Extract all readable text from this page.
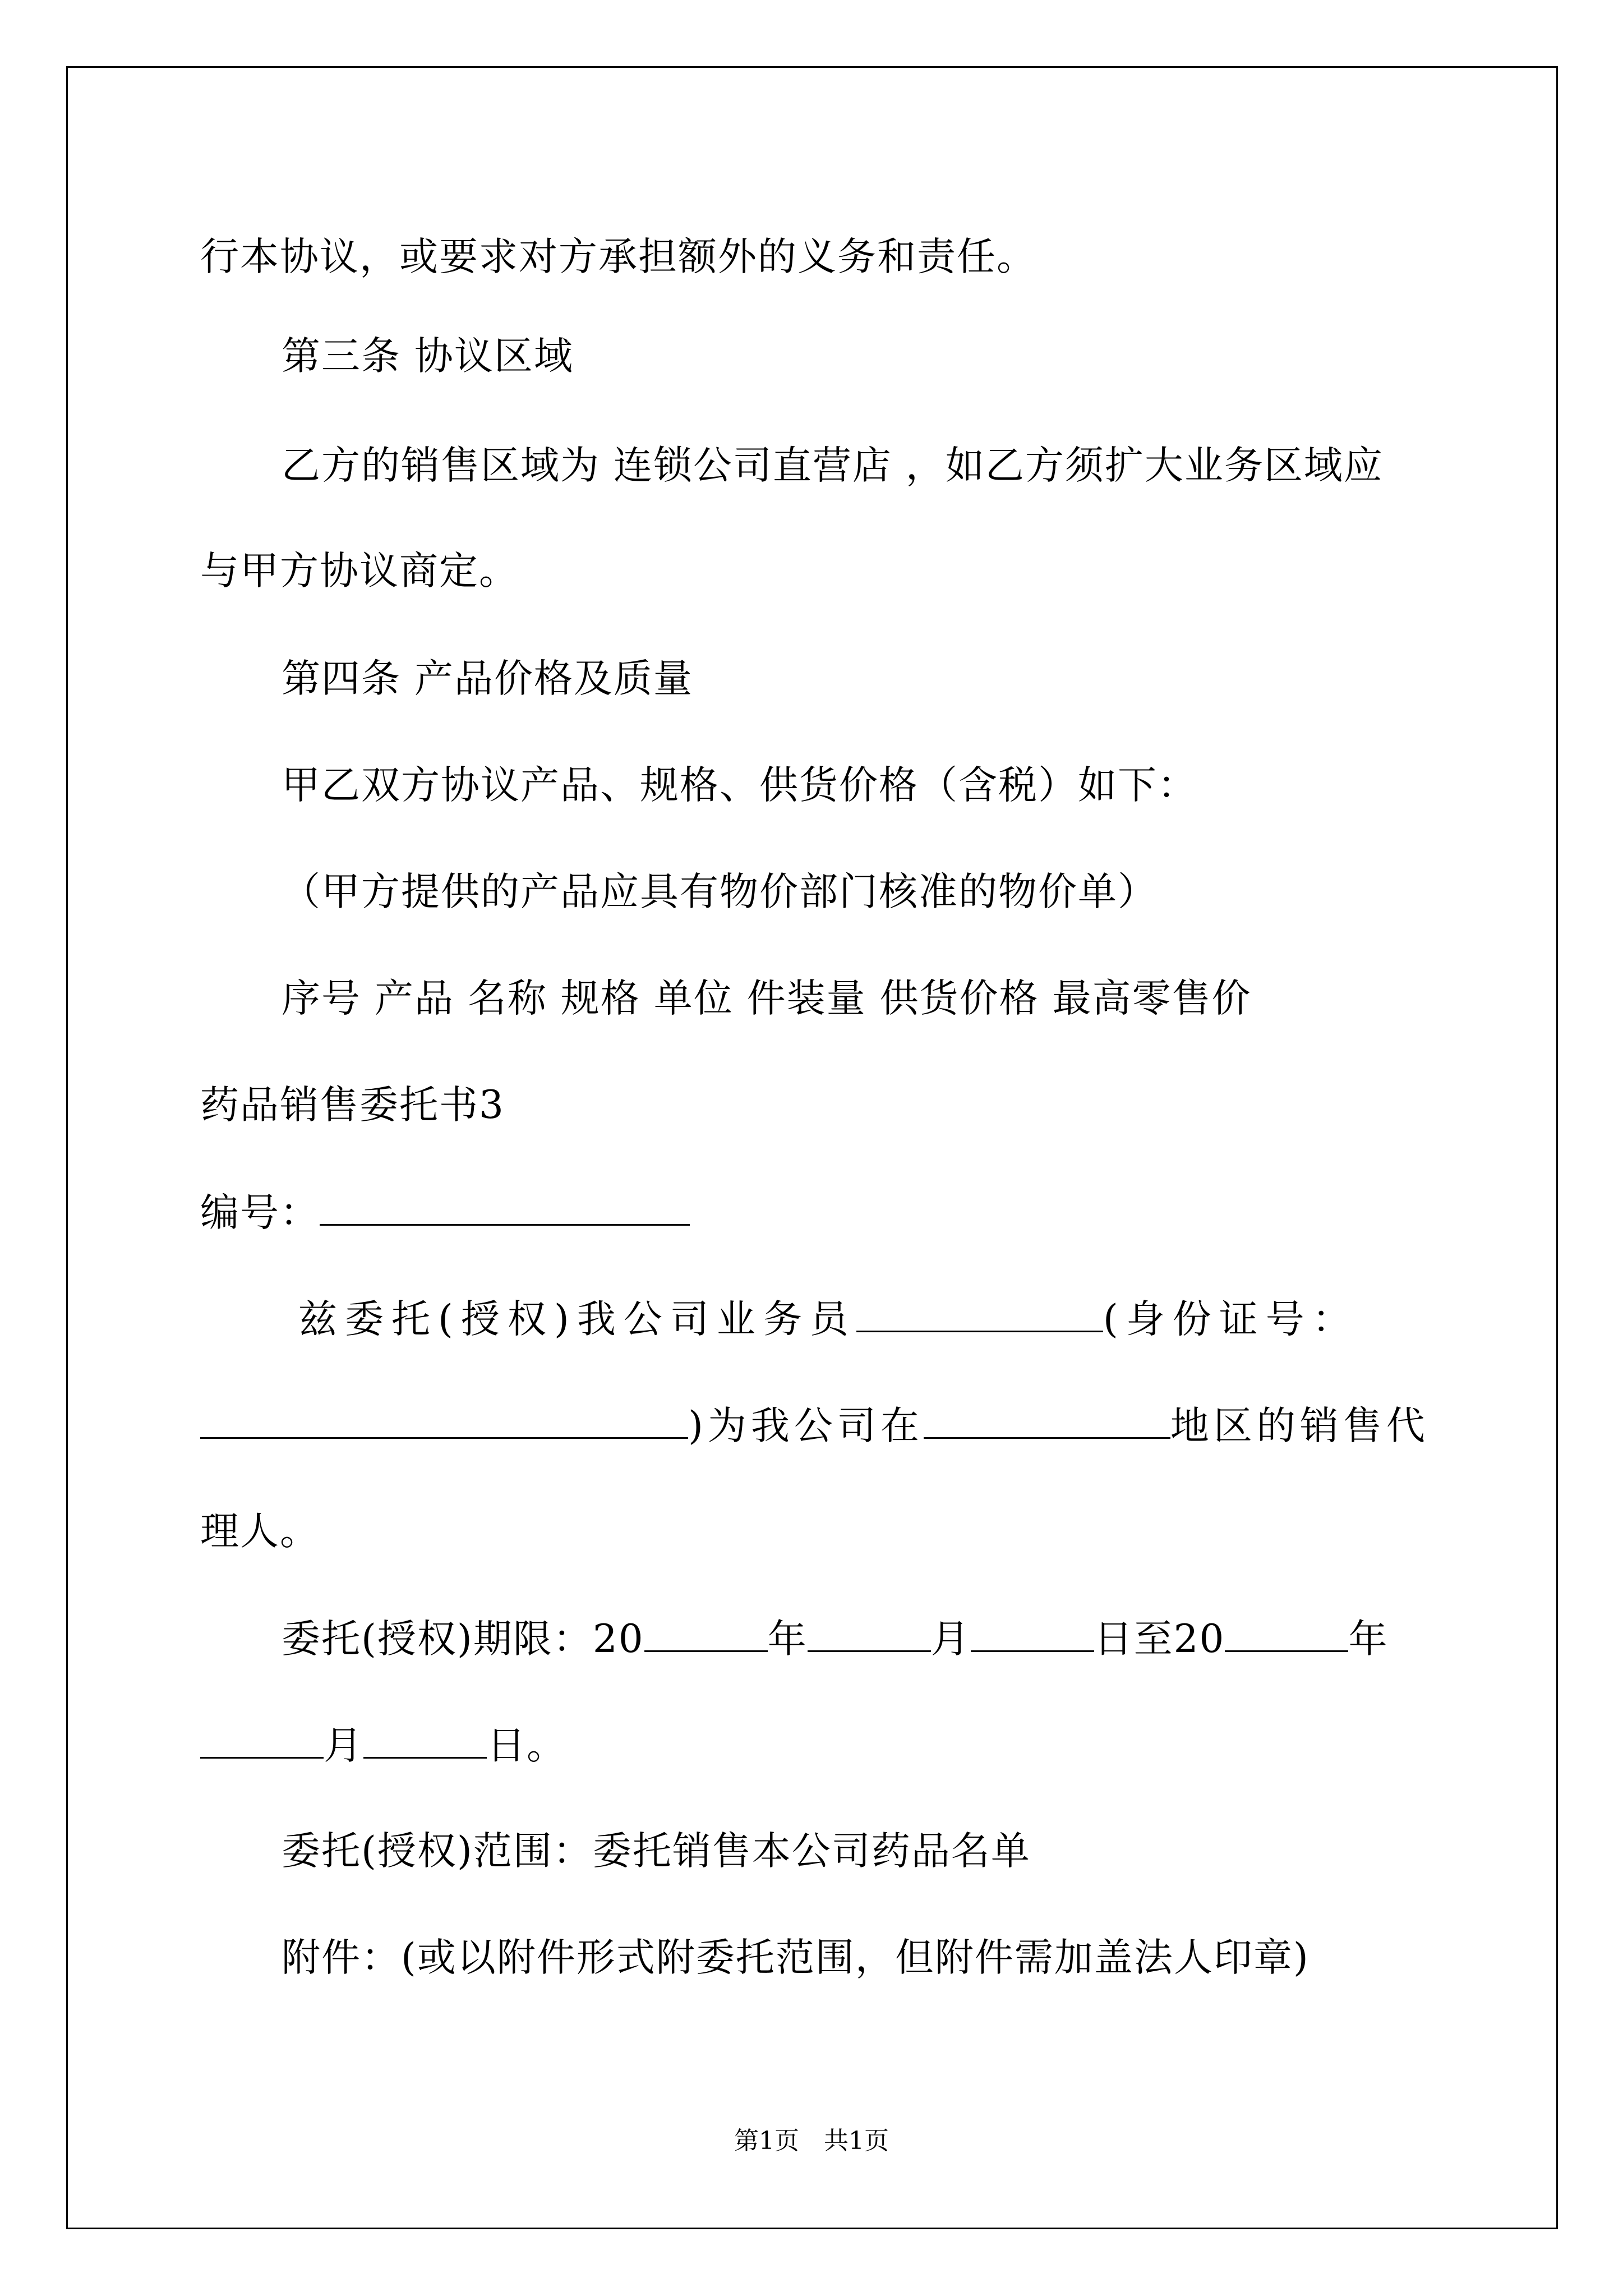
行本协议，或要求对方承担额外的义务和责任。
第三条 协议区域
乙方的销售区域为 连锁公司直营店 ，如乙方须扩大业务区域应
与甲方协议商定。
第四条 产品价格及质量
甲乙双方协议产品、规格、供货价格（含税）如下：
（甲方提供的产品应具有物价部门核准的物价单）
序号 产品 名称 规格 单位 件装量 供货价格 最高零售价
药品销售委托书3
编号：
兹委托(授权)我公司业务员	(身份证号：
)为我公司在	地区的销售代
理人。
委托(授权)期限：20	年	月	日至20	年
月	日。
委托(授权)范围：委托销售本公司药品名单
附件：(或以附件形式附委托范围，但附件需加盖法人印章)
第1页　共1页
